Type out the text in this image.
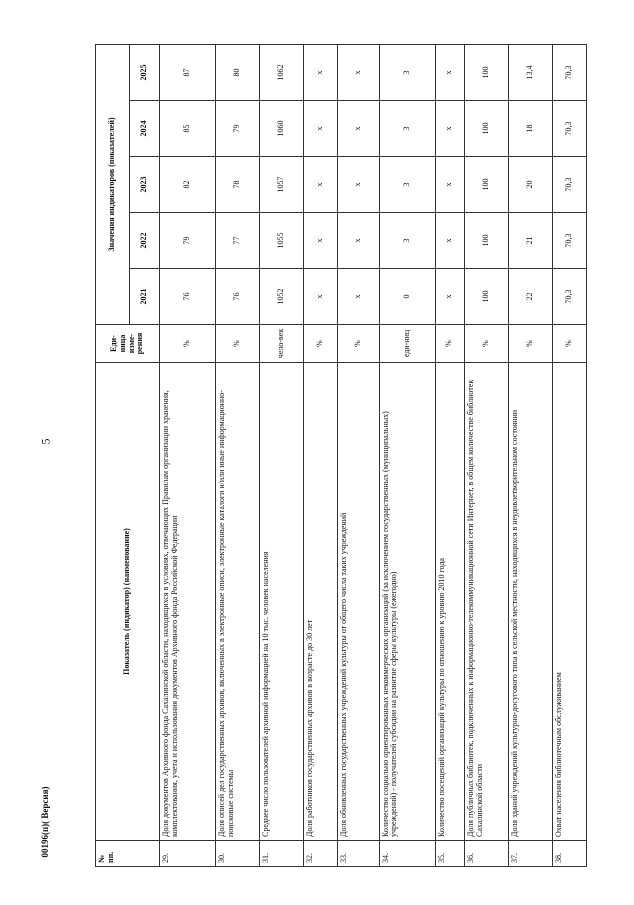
5
№ пп.	Показатель (индикатор) (наименование)	Еди-ница изме-рения	Значения индикаторов (показателей)				
			2021	2022	2023	2024	2025
29.	Доля документов Архивного фонда Сахалинской области, находящихся в условиях, отвечающих Правилам организации хранения, комплектования, учета и использования документов Архивного фонда Российской Федерации	%	76	79	82	85	87
30.	Доля описей дел государственных архивов, включенных в электронные описи, электронные каталоги и/или иные информационно-поисковые системы	%	76	77	78	79	80
31.	Среднее число пользователей архивной информацией на 10 тыс. человек населения	чело-век	1052	1055	1057	1060	1062
32.	Доля работников государственных архивов в возрасте до 30 лет	%	x	x	x	x	x
33.	Доля обновленных государственных учреждений культуры от общего числа таких учреждений	%	x	x	x	x	x
34.	Количество социально ориентированных некоммерческих организаций (за исключением государственных (муниципальных) учреждений) - получателей субсидии на развитие сферы культуры (ежегодно)	еди-ниц	0	3	3	3	3
35.	Количество посещений организаций культуры по отношению к уровню 2010 года	%	x	x	x	x	x
36.	Доля публичных библиотек, подключенных к информационно-телекоммуникационной сети Интернет, в общем количестве библиотек Сахалинской области	%	100	100	100	100	100
37.	Доля зданий учреждений культурно-досугового типа в сельской местности, находящихся в неудовлетворительном состоянии	%	22	21	20	18	13,4
38.	Охват населения библиотечным обслуживанием	%	70,3	70,3	70,3	70,3	70,3
00196(п)( Версия)
